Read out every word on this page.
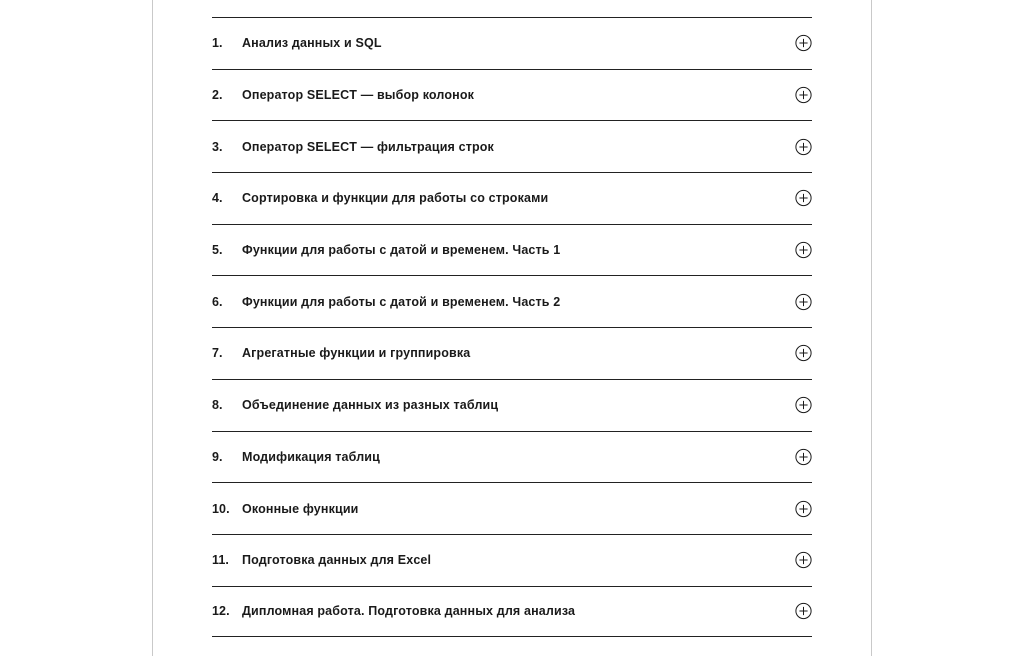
1.	Анализ данных и SQL
2.	Оператор SELECT — выбор колонок
3.	Оператор SELECT — фильтрация строк
4.	Сортировка и функции для работы со строками
5.	Функции для работы с датой и временем. Часть 1
6.	Функции для работы с датой и временем. Часть 2
7.	Агрегатные функции и группировка
8.	Объединение данных из разных таблиц
9.	Модификация таблиц
10. Оконные функции
11.	Подготовка данных для Excel
12. Дипломная работа. Подготовка данных для анализа
